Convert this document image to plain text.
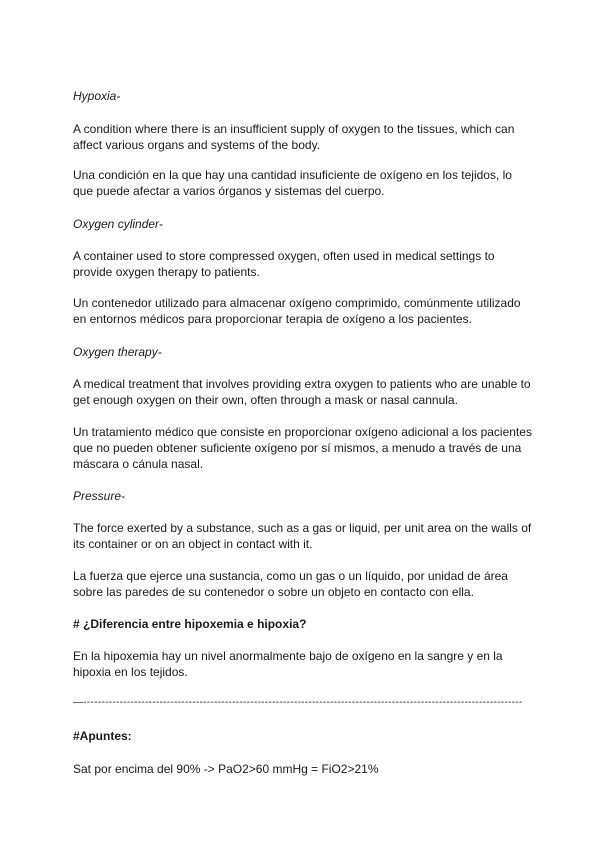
Hypoxia-

A condition where there is an insufficient supply of oxygen to the tissues, which can affect various organs and systems of the body.

Una condición en la que hay una cantidad insuficiente de oxígeno en los tejidos, lo que puede afectar a varios órganos y sistemas del cuerpo.

Oxygen cylinder-

A container used to store compressed oxygen, often used in medical settings to provide oxygen therapy to patients.

Un contenedor utilizado para almacenar oxígeno comprimido, comúnmente utilizado en entornos médicos para proporcionar terapia de oxígeno a los pacientes.

Oxygen therapy-

A medical treatment that involves providing extra oxygen to patients who are unable to get enough oxygen on their own, often through a mask or nasal cannula.

Un tratamiento médico que consiste en proporcionar oxígeno adicional a los pacientes que no pueden obtener suficiente oxígeno por sí mismos, a menudo a través de una máscara o cánula nasal.

Pressure-

The force exerted by a substance, such as a gas or liquid, per unit area on the walls of its container or on an object in contact with it.

La fuerza que ejerce una sustancia, como un gas o un líquido, por unidad de área sobre las paredes de su contenedor o sobre un objeto en contacto con ella.

# ¿Diferencia entre hipoxemia e hipoxia?

En la hipoxemia hay un nivel anormalmente bajo de oxígeno en la sangre y en la hipoxia en los tejidos.

—-------------------------------------------------------------------------------------------------------------------------

#Apuntes:

Sat por encima del 90% -> PaO2>60 mmHg = FiO2>21%
